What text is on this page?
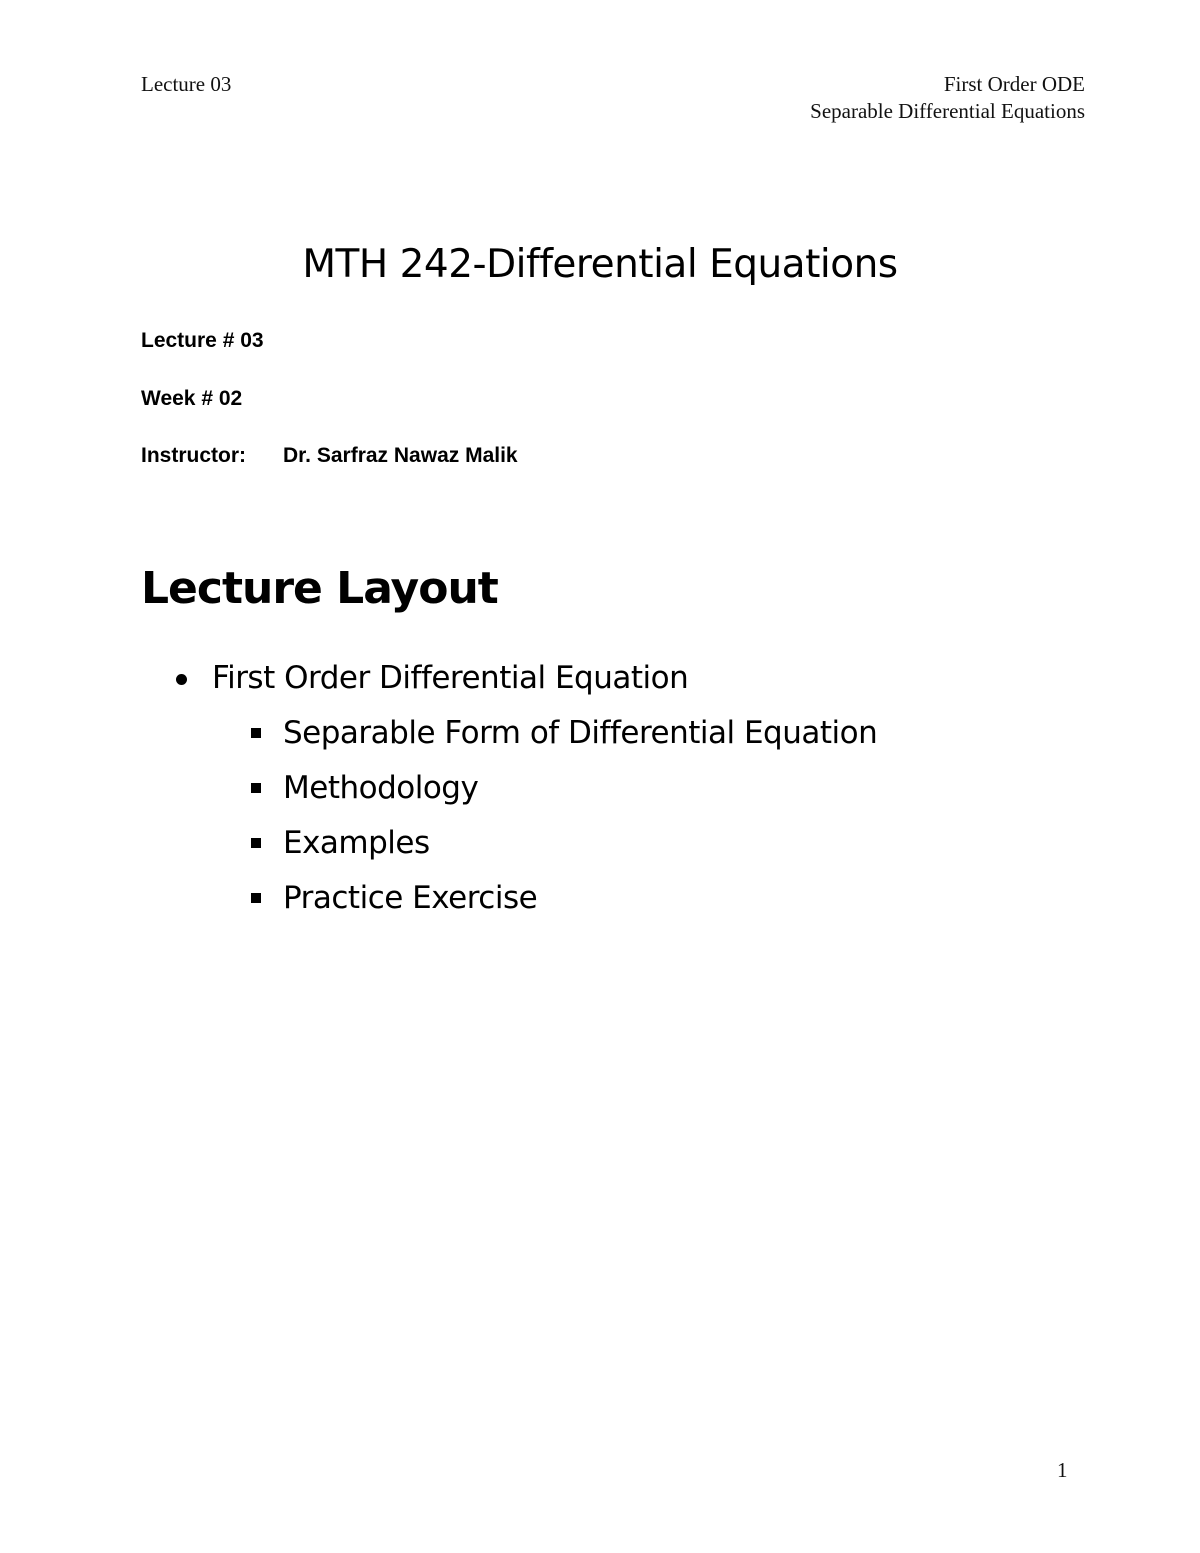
Lecture 03	First Order ODE
Separable Differential Equations
MTH 242-Differential Equations
Lecture # 03
Week # 02
Instructor: Dr. Sarfraz Nawaz Malik
Lecture Layout
First Order Differential Equation
Separable Form of Differential Equation
Methodology
Examples
Practice Exercise
1
